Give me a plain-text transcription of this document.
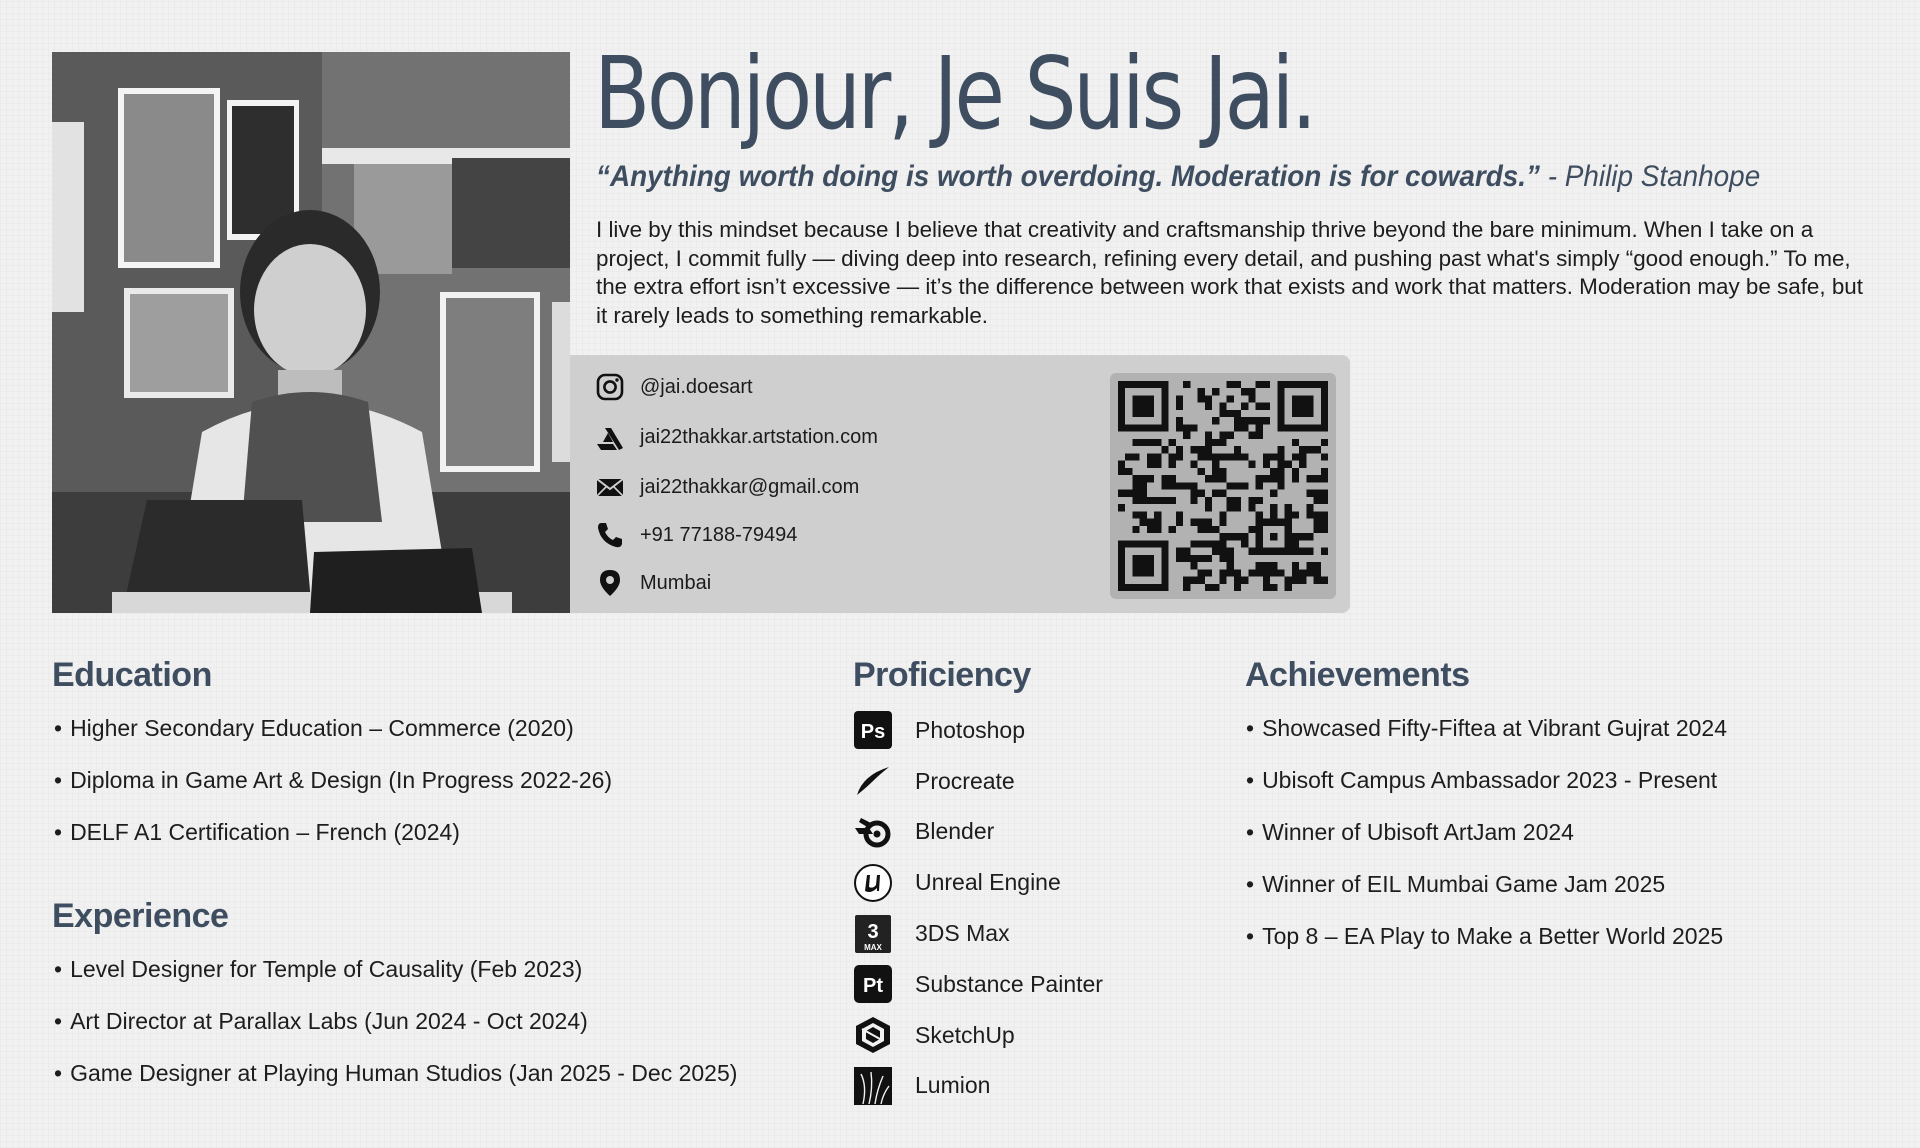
Bonjour, Je Suis Jai.
“Anything worth doing is worth overdoing. Moderation is for cowards.” - Philip Stanhope

I live by this mindset because I believe that creativity and craftsmanship thrive beyond the bare minimum. When I take on a project, I commit fully — diving deep into research, refining every detail, and pushing past what's simply “good enough.” To me, the extra effort isn’t excessive — it’s the difference between work that exists and work that matters. Moderation may be safe, but it rarely leads to something remarkable.

@jai.doesart
jai22thakkar.artstation.com
jai22thakkar@gmail.com
+91 77188-79494
Mumbai
Education
• Higher Secondary Education – Commerce (2020)
• Diploma in Game Art & Design (In Progress 2022-26)
• DELF A1 Certification – French (2024)
Experience
• Level Designer for Temple of Causality (Feb 2023)
• Art Director at Parallax Labs (Jun 2024 - Oct 2024)
• Game Designer at Playing Human Studios (Jan 2025 - Dec 2025)
Proficiency
Ps Photoshop
Procreate
Blender
Unreal Engine
3
MAX
3DS Max
Pt Substance Painter
SketchUp
Lumion
Achievements
• Showcased Fifty-Fiftea at Vibrant Gujrat 2024
• Ubisoft Campus Ambassador 2023 - Present
• Winner of Ubisoft ArtJam 2024
• Winner of EIL Mumbai Game Jam 2025
• Top 8 – EA Play to Make a Better World 2025
